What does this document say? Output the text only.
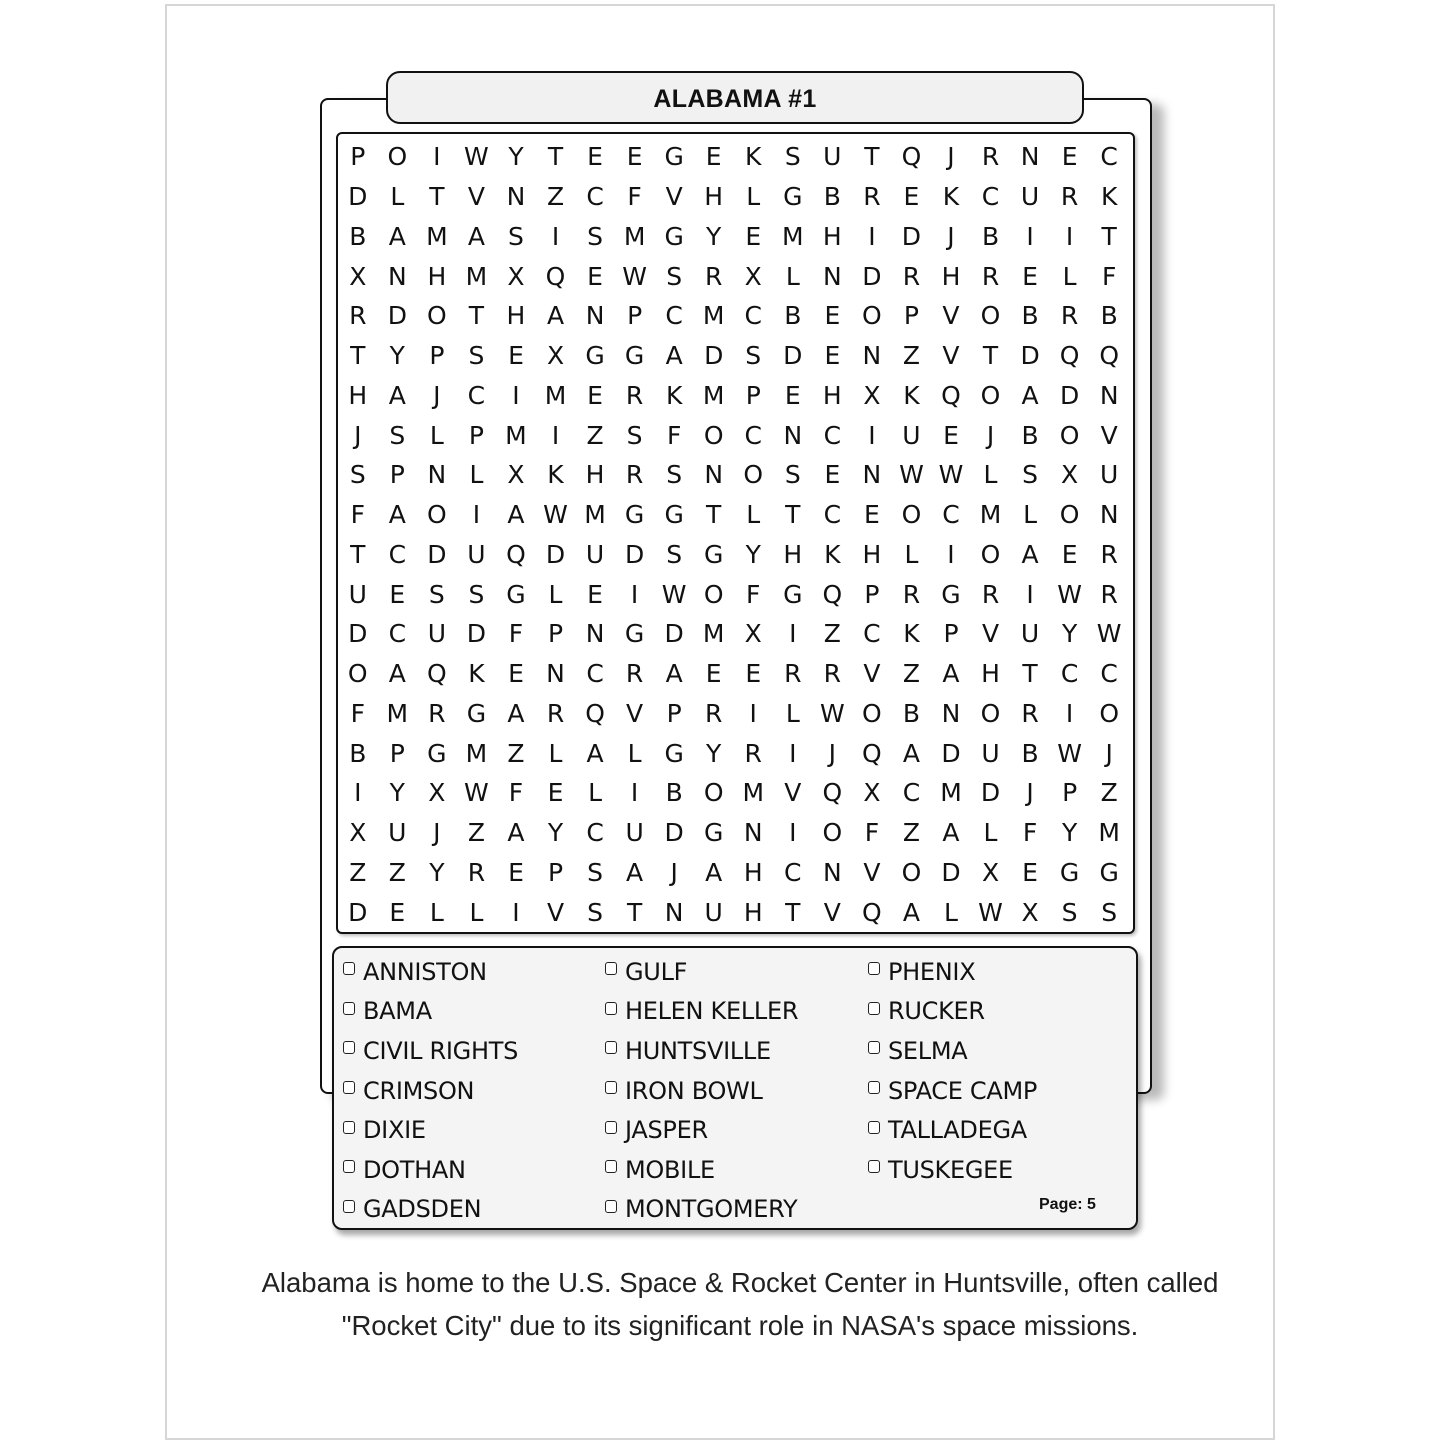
ALABAMA #1
P O	I W Y T E E G E K S U T Q	J	R N E C
D L T V N Z C F V H L G B R E K C U R K
B A M A S	I	S M G Y E M H	I	D	J	B	I	I	T
X N H M X Q E W S R X L N D R H R E L	F
R D O T H A N P C M C B E O P V O B R B
T Y P S E X G G A D S D E N Z V T D Q Q
H A	J	C	I	M E R K M P E H X K Q O A D N
J	S L	P M	I	Z S F O C N C	I	U E	J	B O V
S P N L X K H R S N O S E N W W L S X U
F A O	I	A W M G G T L T C E O C M L O N
T C D U Q D U D S G Y H K H L	I	O A E R
U E S S G L E	I W O F G Q P R G R	I W R
D C U D F P N G D M X	I	Z C K P V U Y W
O A Q K E N C R A E E R R V Z A H T C C
F M R G A R Q V P R	I	L W O B N O R	I	O
B P G M Z L A L G Y R	I	J	Q A D U B W J
I	Y X W F E L	I	B O M V Q X C M D	J	P Z
X U	J	Z A Y C U D G N	I	O F Z A L	F Y M
Z Z Y R E P S A	J	A H C N V O D X E G G
D E L	L	I	V S T N U H T V Q A L W X S S
ANNISTON
BAMA
CIVIL RIGHTS
CRIMSON
DIXIE
DOTHAN
GADSDEN
GULF
HELEN KELLER
HUNTSVILLE
IRON BOWL
JASPER
MOBILE
MONTGOMERY
PHENIX
RUCKER
SELMA
SPACE CAMP
TALLADEGA
TUSKEGEE
Page: 5
Alabama is home to the U.S. Space & Rocket Center in Huntsville, often called "Rocket City" due to its significant role in NASA's space missions.
